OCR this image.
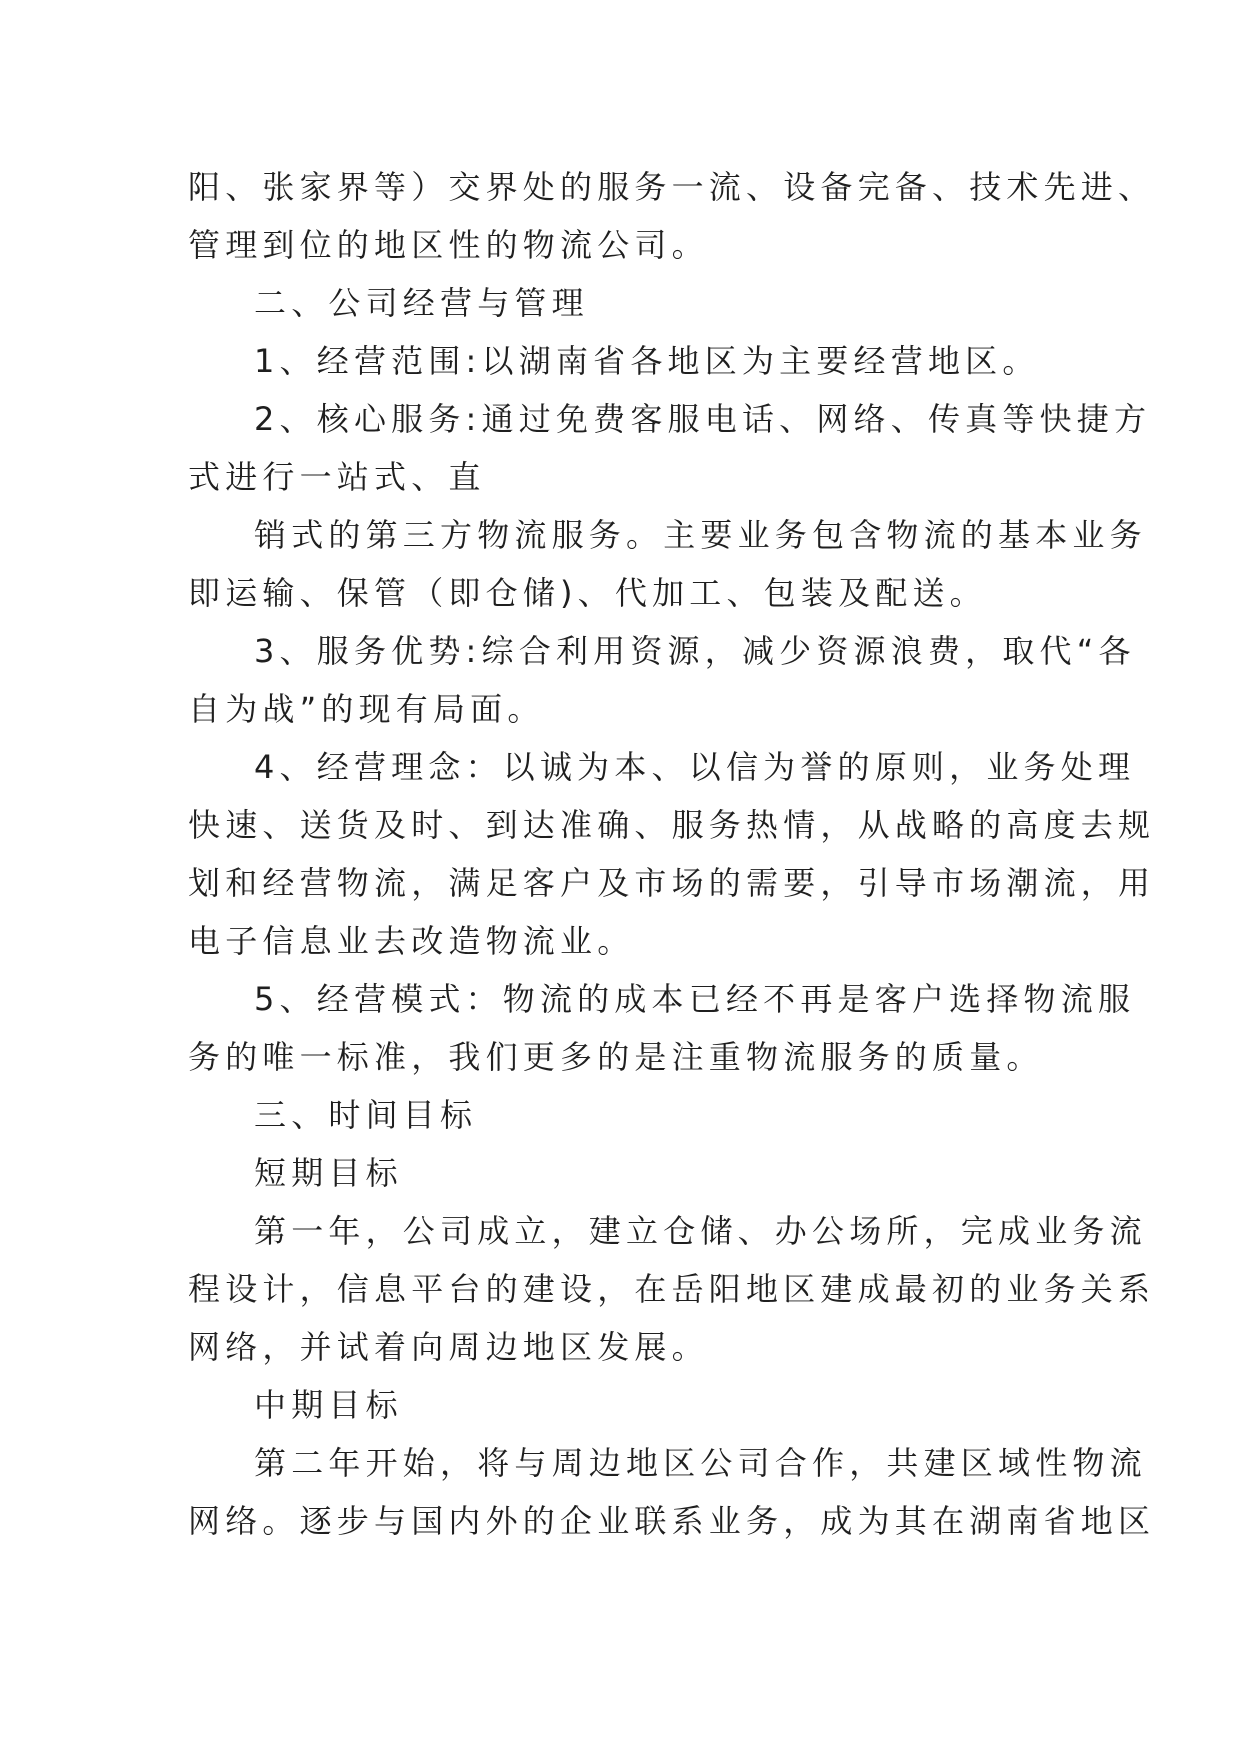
阳、张家界等）交界处的服务一流、设备完备、技术先进、
管理到位的地区性的物流公司。
二、公司经营与管理
1、经营范围:以湖南省各地区为主要经营地区。
2、核心服务:通过免费客服电话、网络、传真等快捷方
式进行一站式、直
销式的第三方物流服务。主要业务包含物流的基本业务
即运输、保管（即仓储)、代加工、包装及配送。
3、服务优势:综合利用资源，减少资源浪费，取代“各
自为战”的现有局面。
4、经营理念：以诚为本、以信为誉的原则，业务处理
快速、送货及时、到达准确、服务热情，从战略的高度去规
划和经营物流，满足客户及市场的需要，引导市场潮流，用
电子信息业去改造物流业。
5、经营模式：物流的成本已经不再是客户选择物流服
务的唯一标准，我们更多的是注重物流服务的质量。
三、时间目标
短期目标
第一年，公司成立，建立仓储、办公场所，完成业务流
程设计，信息平台的建设，在岳阳地区建成最初的业务关系
网络，并试着向周边地区发展。
中期目标
第二年开始，将与周边地区公司合作，共建区域性物流
网络。逐步与国内外的企业联系业务，成为其在湖南省地区
